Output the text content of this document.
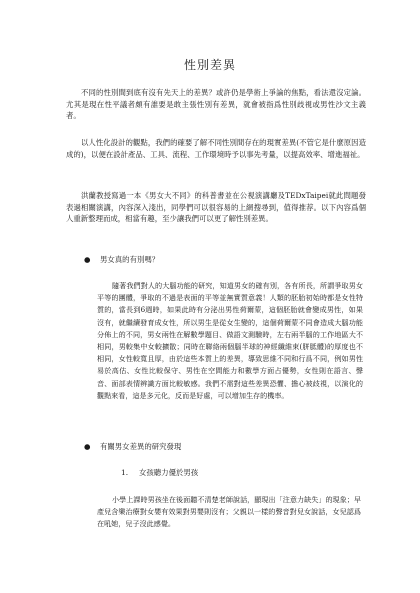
性別差異

不同的性別間到底有沒有先天上的差異？或許仍是學術上爭論的焦點，看法還沒定論。尤其是現在性平議者頗有誰要是敢主張性別有差異，就會被指爲性別歧視或男性沙文主義者。

以人性化設計的觀點，我們的確要了解不同性別間存在的現實差異(不管它是什麼原因造成的)，以便在設計產品、工具、流程、工作環境時予以事先考量，以提高效率、增進福祉。

洪蘭教授寫過一本《男女大不同》的科普書並在公視演講廳及TEDxTaipei就此問題發表過相關演講，內容深入淺出，同學們可以很容易的上網搜尋到，值得推荐。以下內容爲個人重新整理而成，相當有趣，至少讓我們可以更了解性別差異。

● 男女真的有別嗎？

隨著我們對人的大腦功能的研究，知道男女的確有別，各有所長，所謂爭取男女平等的團體，爭取的不過是表面的平等並無實質意義！人類的胚胎初始時都是女性特質的，當長到6週時，如果此時有分泌出男性荷爾蒙，這個胚胎就會變成男性，如果沒有，就繼續發育成女性，所以男生是從女生變的，這個荷爾蒙不同會造成大腦功能分佈上的不同，男女兩性在解數學題目、做語文測驗時，左右兩半腦的工作地區大不相同，男較集中女較擴散；同時在聯絡兩個腦半球的神經纖維束(胼胝體)的厚度也不相同，女性較寬且厚，由於這些本質上的差異，導致思維不同和行爲不同，例如男性易於高估、女性比較保守、男性在空間能力和數學方面占優勢，女性則在語言、聲音、面部表情辨識方面比較敏感。我們不需對這些差異恐懼、擔心被歧視，以演化的觀點來看，這是多元化，反而是好處，可以增加生存的機率。

● 有關男女差異的研究發現
1. 女孩聽力優於男孩

小學上課時男孩坐在後面聽不清楚老師說話，顯現出「注意力缺失」的現象；早產兒含樂治療對女嬰有效果對男嬰則沒有；父親以一樣的聲音對兒女說話，女兒認爲在吼她，兒子沒此感覺。
